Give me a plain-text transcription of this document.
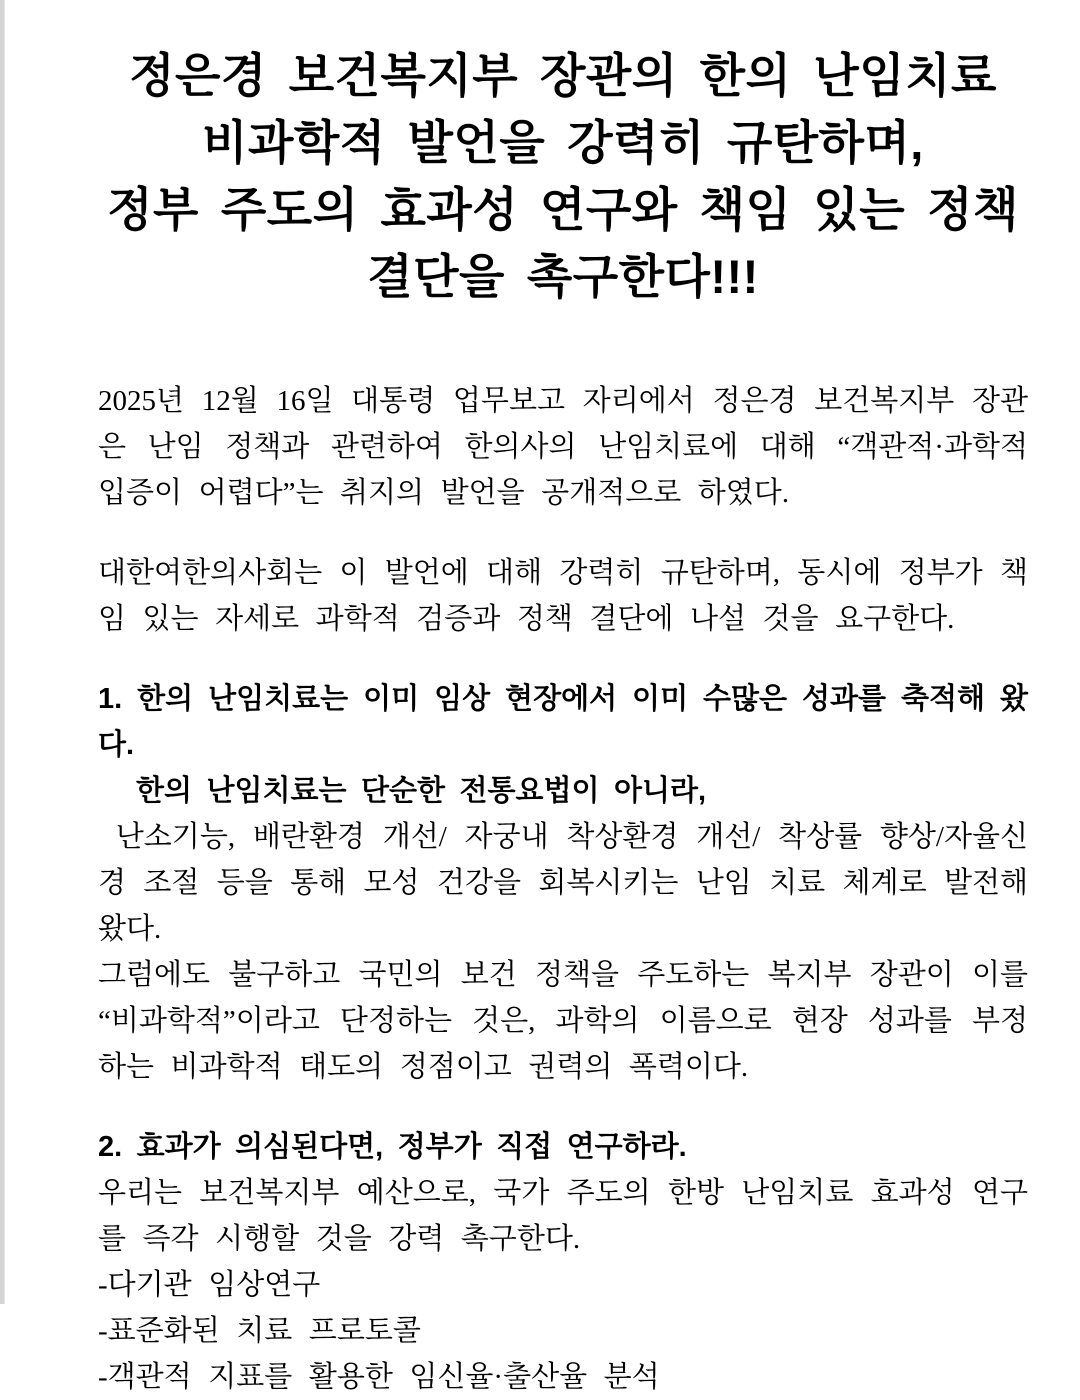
정은경 보건복지부 장관의 한의 난임치료
비과학적 발언을 강력히 규탄하며,
정부 주도의 효과성 연구와 책임 있는 정책
결단을 촉구한다!!!

2025년 12월 16일 대통령 업무보고 자리에서 정은경 보건복지부 장관은 난임 정책과 관련하여 한의사의 난임치료에 대해 “객관적·과학적 입증이 어렵다”는 취지의 발언을 공개적으로 하였다.

대한여한의사회는 이 발언에 대해 강력히 규탄하며, 동시에 정부가 책임 있는 자세로 과학적 검증과 정책 결단에 나설 것을 요구한다.

1. 한의 난임치료는 이미 임상 현장에서 이미 수많은 성과를 축적해 왔다.
한의 난임치료는 단순한 전통요법이 아니라,

난소기능, 배란환경 개선/ 자궁내 착상환경 개선/ 착상률 향상/자율신경 조절 등을 통해 모성 건강을 회복시키는 난임 치료 체계로 발전해 왔다.

그럼에도 불구하고 국민의 보건 정책을 주도하는 복지부 장관이 이를 “비과학적”이라고 단정하는 것은, 과학의 이름으로 현장 성과를 부정하는 비과학적 태도의 정점이고 권력의 폭력이다.

2. 효과가 의심된다면, 정부가 직접 연구하라.

우리는 보건복지부 예산으로, 국가 주도의 한방 난임치료 효과성 연구를 즉각 시행할 것을 강력 촉구한다.

-다기관 임상연구
-표준화된 치료 프로토콜
-객관적 지표를 활용한 임신율·출산율 분석
